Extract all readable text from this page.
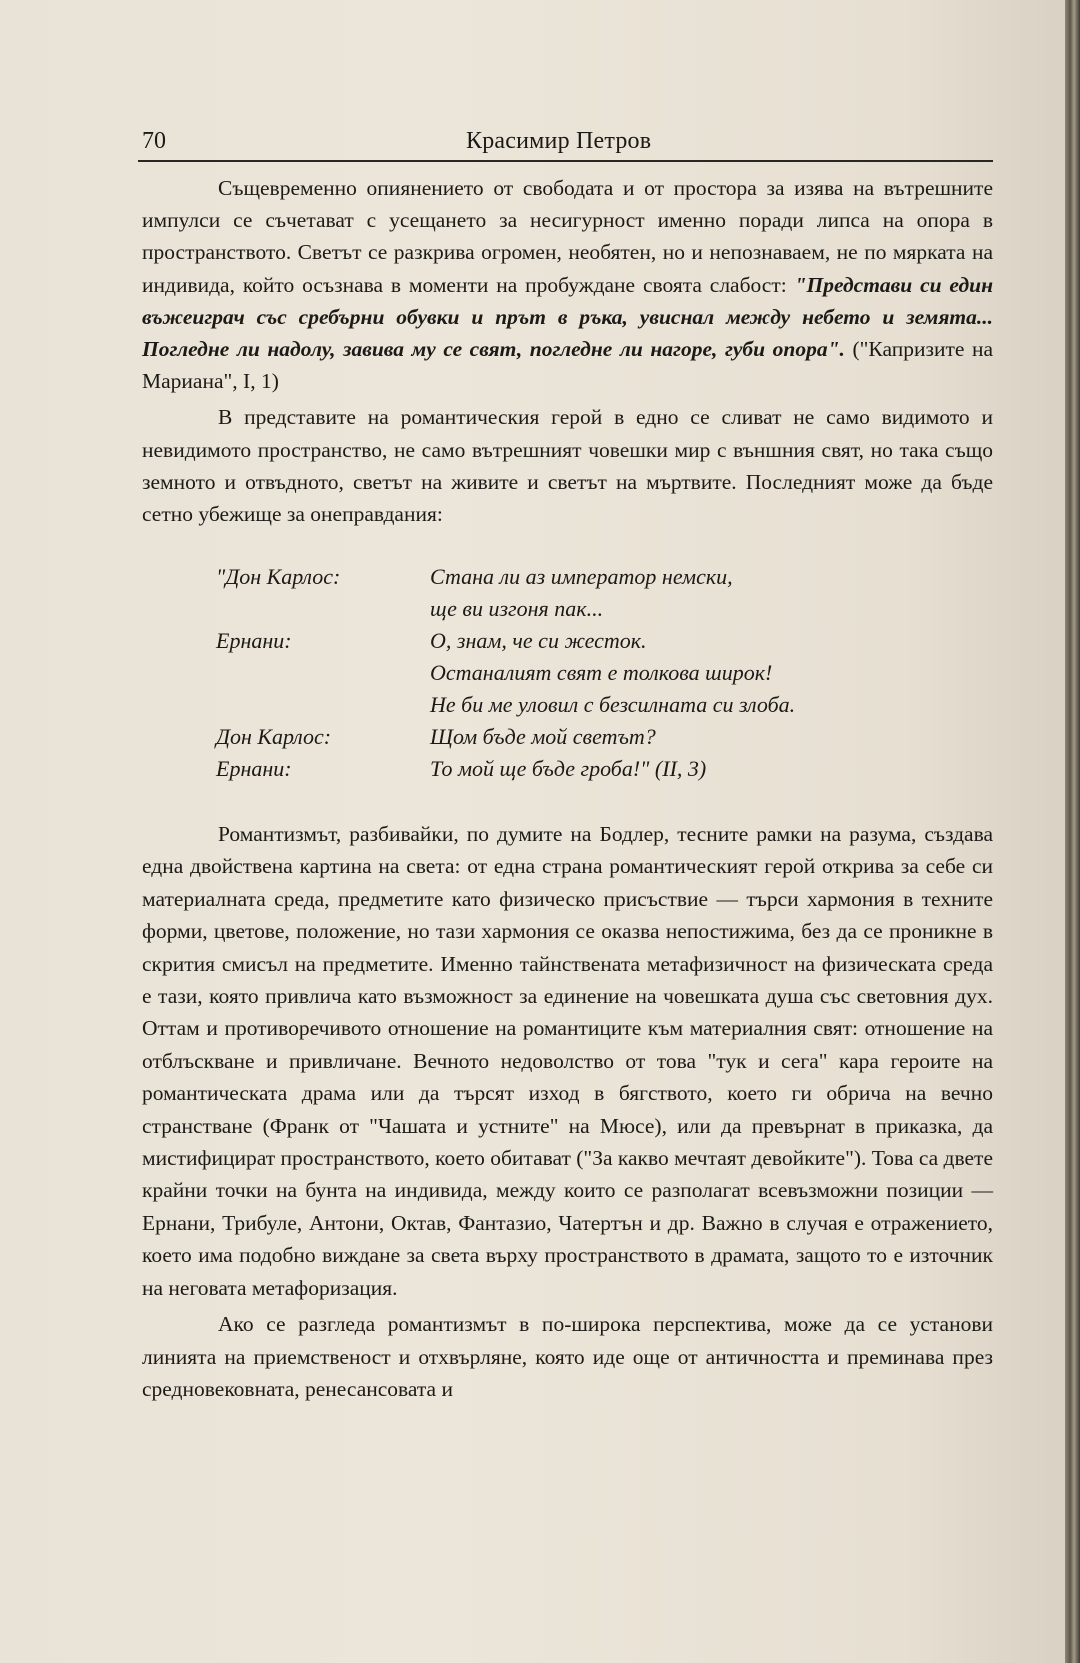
70	Красимир Петров

Същевременно опиянението от свободата и от простора за изява на вътрешните импулси се съчетават с усещането за несигурност именно поради липса на опора в пространството. Светът се разкрива огромен, необятен, но и непознаваем, не по мярката на индивида, който осъзнава в моменти на пробуждане своята слабост: "Представи си един въжеиграч със сребърни обувки и прът в ръка, увиснал между небето и земята... Погледне ли надолу, завива му се свят, погледне ли нагоре, губи опора". ("Капризите на Мариана", I, 1)

В представите на романтическия герой в едно се сливат не само видимото и невидимото пространство, не само вътрешният човешки мир с външния свят, но така също земното и отвъдното, светът на живите и светът на мъртвите. Последният може да бъде сетно убежище за онеправдания:

"Дон Карлос:	Стана ли аз император немски,
ще ви изгоня пак...
Ернани:	О, знам, че си жесток.
Останалият свят е толкова широк!
Не би ме уловил с безсилната си злоба.
Дон Карлос:	Щом бъде мой светът?
Ернани:	То мой ще бъде гроба!" (II, 3)

Романтизмът, разбивайки, по думите на Бодлер, тесните рамки на разума, създава една двойствена картина на света: от една страна романтическият герой открива за себе си материалната среда, предметите като физическо присъствие — търси хармония в техните форми, цветове, положение, но тази хармония се оказва непостижима, без да се проникне в скрития смисъл на предметите. Именно тайнствената метафизичност на физическата среда е тази, която привлича като възможност за единение на човешката душа със световния дух. Оттам и противоречивото отношение на романтиците към материалния свят: отношение на отблъскване и привличане. Вечното недоволство от това "тук и сега" кара героите на романтическата драма или да търсят изход в бягството, което ги обрича на вечно странстване (Франк от "Чашата и устните" на Мюсе), или да превърнат в приказка, да мистифицират пространството, което обитават ("За какво мечтаят девойките"). Това са двете крайни точки на бунта на индивида, между които се разполагат всевъзможни позиции — Ернани, Трибуле, Антони, Октав, Фантазио, Чатертън и др. Важно в случая е отражението, което има подобно виждане за света върху пространството в драмата, защото то е източник на неговата метафоризация.

Ако се разгледа романтизмът в по-широка перспектива, може да се установи линията на приемственост и отхвърляне, която иде още от античността и преминава през средновековната, ренесансовата и
